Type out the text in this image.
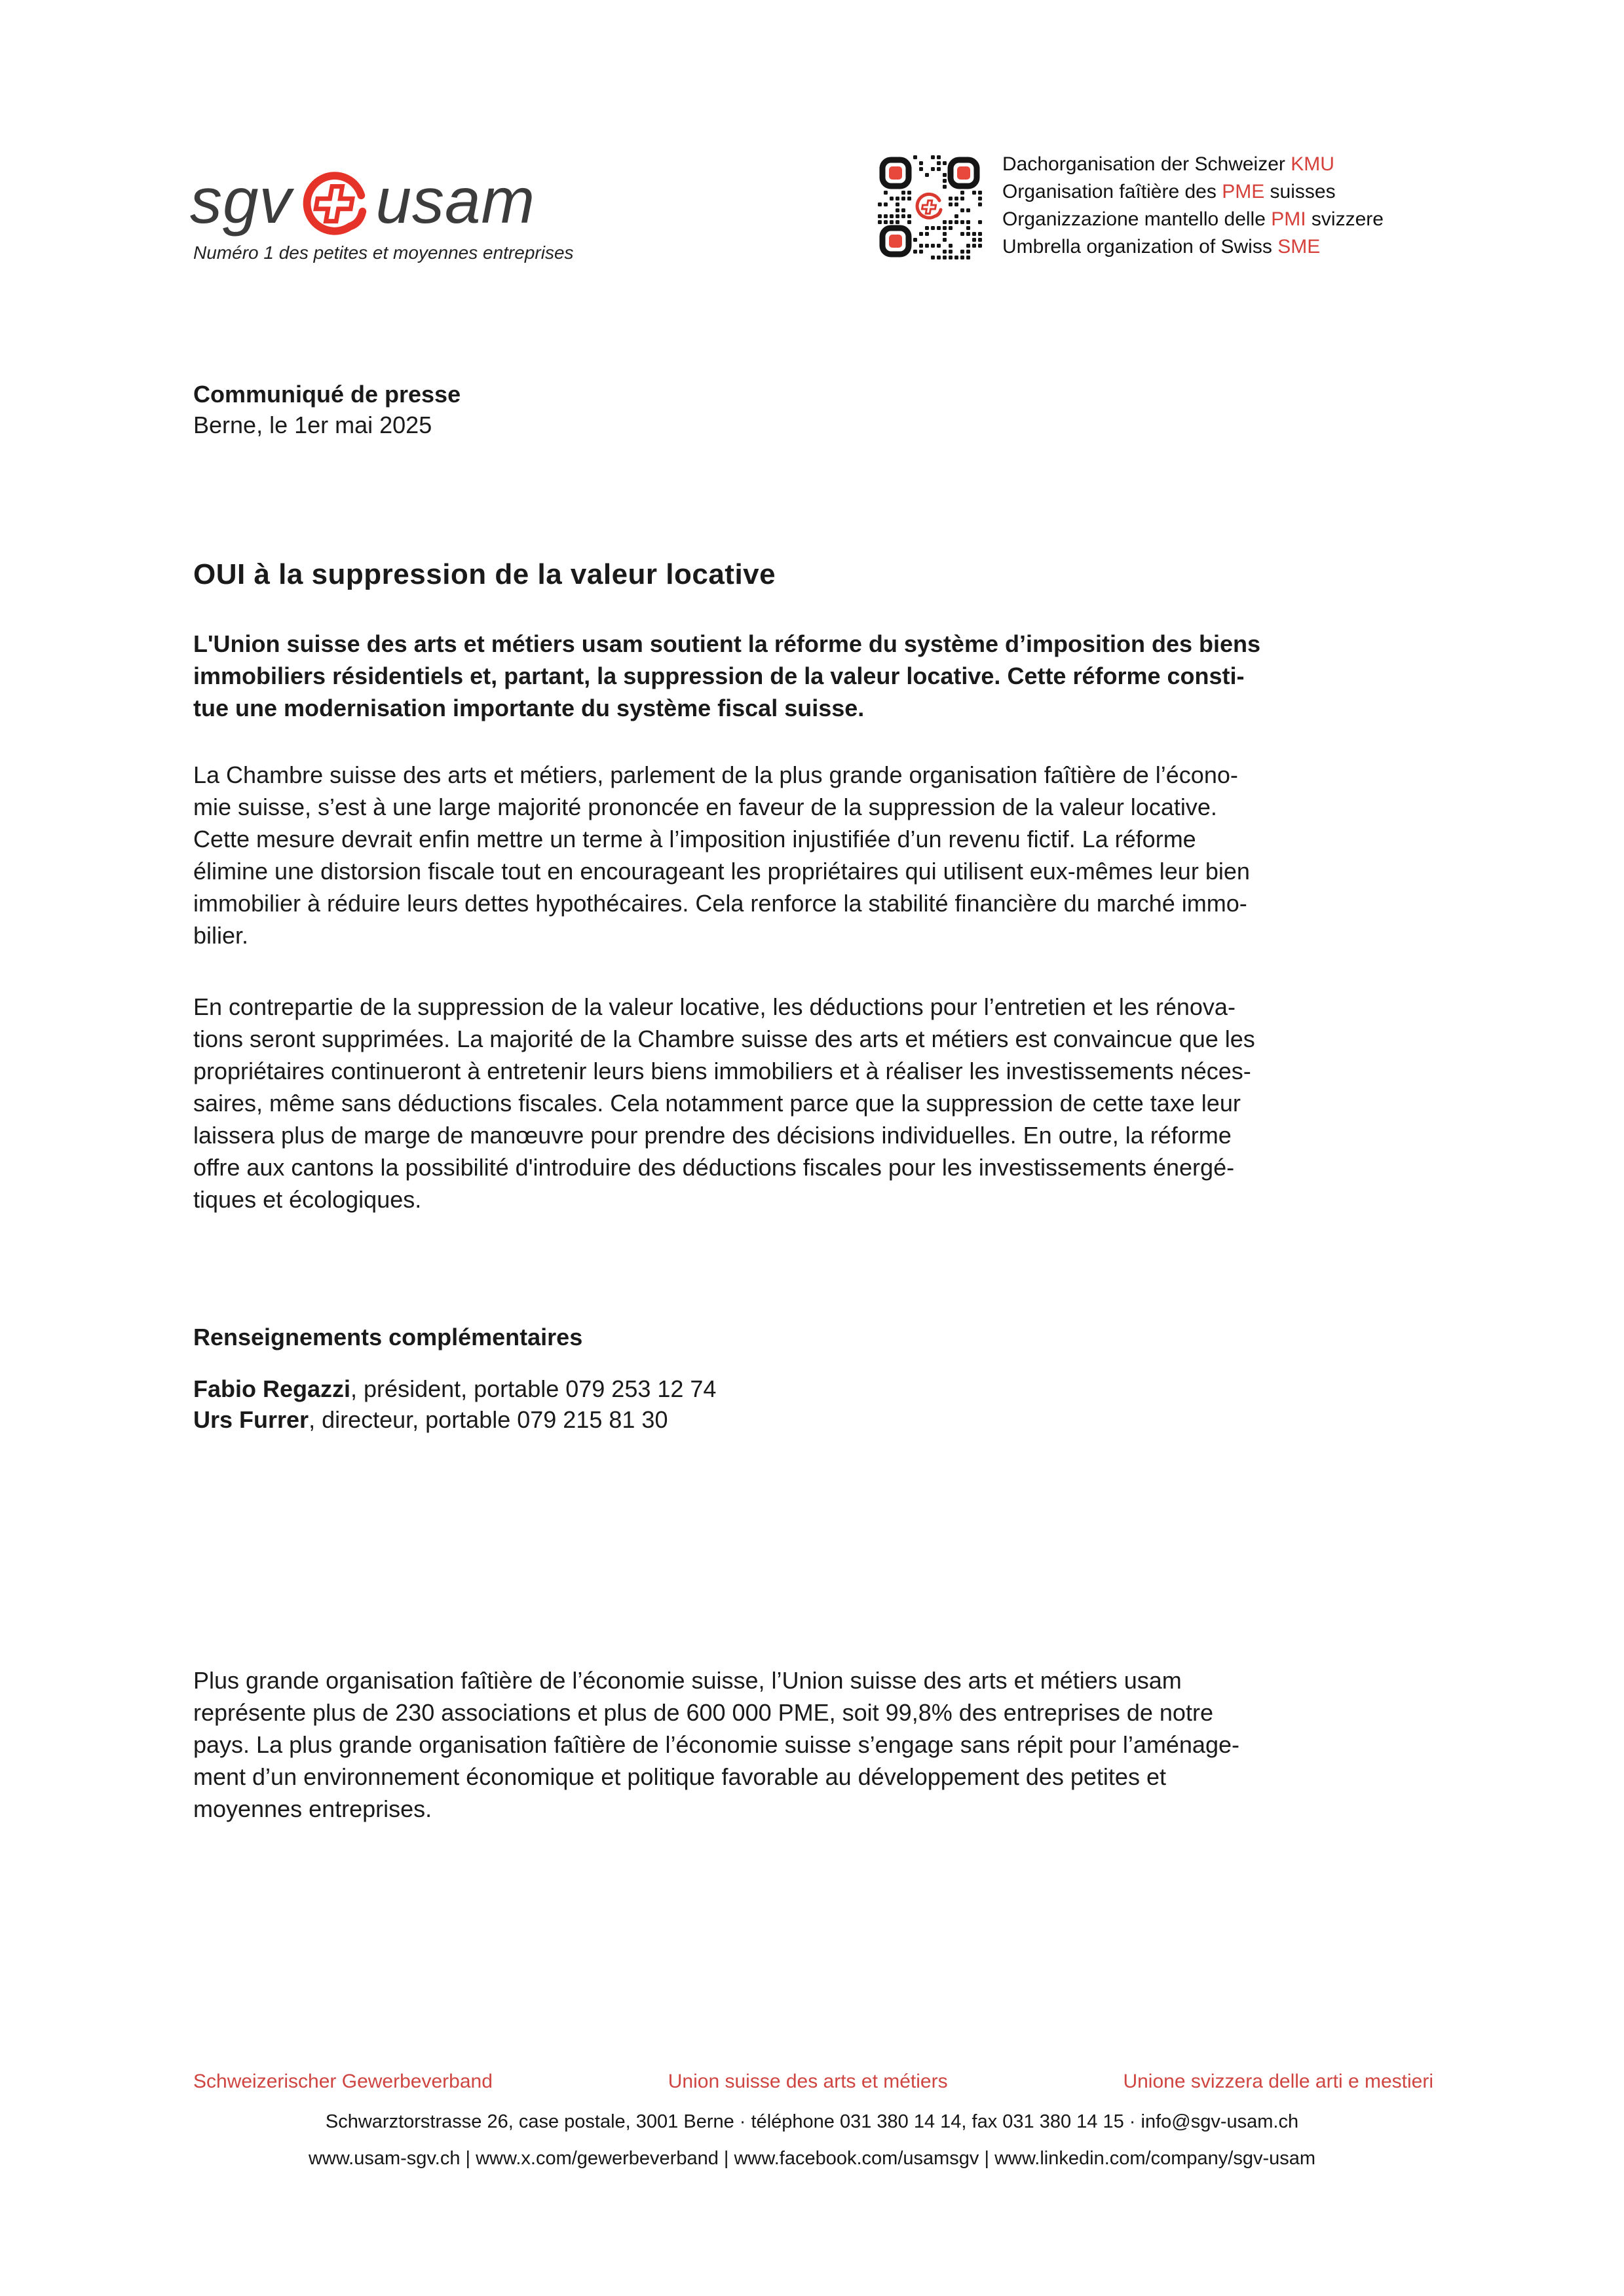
sgv usam
Numéro 1 des petites et moyennes entreprises
Dachorganisation der Schweizer KMU
Organisation faîtière des PME suisses
Organizzazione mantello delle PMI svizzere
Umbrella organization of Swiss SME
Communiqué de presse
Berne, le 1er mai 2025
OUI à la suppression de la valeur locative
L'Union suisse des arts et métiers usam soutient la réforme du système d’imposition des biens
immobiliers résidentiels et, partant, la suppression de la valeur locative. Cette réforme consti-
tue une modernisation importante du système fiscal suisse.
La Chambre suisse des arts et métiers, parlement de la plus grande organisation faîtière de l’écono-
mie suisse, s’est à une large majorité prononcée en faveur de la suppression de la valeur locative.
Cette mesure devrait enfin mettre un terme à l’imposition injustifiée d’un revenu fictif. La réforme
élimine une distorsion fiscale tout en encourageant les propriétaires qui utilisent eux-mêmes leur bien
immobilier à réduire leurs dettes hypothécaires. Cela renforce la stabilité financière du marché immo-
bilier.
En contrepartie de la suppression de la valeur locative, les déductions pour l’entretien et les rénova-
tions seront supprimées. La majorité de la Chambre suisse des arts et métiers est convaincue que les
propriétaires continueront à entretenir leurs biens immobiliers et à réaliser les investissements néces-
saires, même sans déductions fiscales. Cela notamment parce que la suppression de cette taxe leur
laissera plus de marge de manœuvre pour prendre des décisions individuelles. En outre, la réforme
offre aux cantons la possibilité d'introduire des déductions fiscales pour les investissements énergé-
tiques et écologiques.
Renseignements complémentaires
Fabio Regazzi, président, portable 079 253 12 74
Urs Furrer, directeur, portable 079 215 81 30
Plus grande organisation faîtière de l’économie suisse, l’Union suisse des arts et métiers usam
représente plus de 230 associations et plus de 600 000 PME, soit 99,8% des entreprises de notre
pays. La plus grande organisation faîtière de l’économie suisse s’engage sans répit pour l’aménage-
ment d’un environnement économique et politique favorable au développement des petites et
moyennes entreprises.
Schweizerischer Gewerbeverband	Union suisse des arts et métiers	Unione svizzera delle arti e mestieri
Schwarztorstrasse 26, case postale, 3001 Berne · téléphone 031 380 14 14, fax 031 380 14 15 · info@sgv-usam.ch
www.usam-sgv.ch | www.x.com/gewerbeverband | www.facebook.com/usamsgv | www.linkedin.com/company/sgv-usam
